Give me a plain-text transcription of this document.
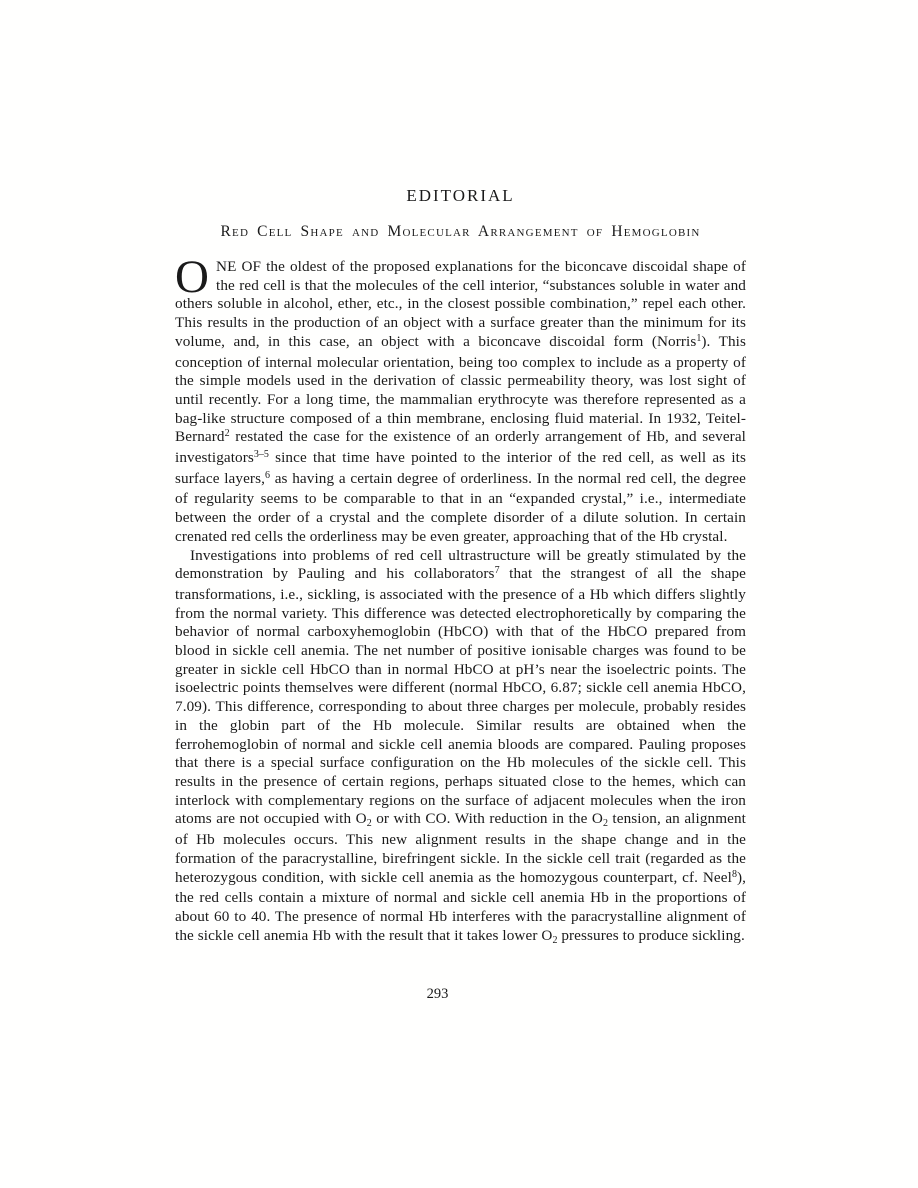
EDITORIAL
Red Cell Shape and Molecular Arrangement of Hemoglobin

ONE OF the oldest of the proposed explanations for the biconcave discoidal shape of the red cell is that the molecules of the cell interior, “substances soluble in water and others soluble in alcohol, ether, etc., in the closest possible combination,” repel each other. This results in the production of an object with a surface greater than the minimum for its volume, and, in this case, an object with a biconcave discoidal form (Norris$^1$). This conception of internal molecular orientation, being too complex to include as a property of the simple models used in the derivation of classic permeability theory, was lost sight of until recently. For a long time, the mammalian erythrocyte was therefore represented as a bag-like structure composed of a thin membrane, enclosing fluid material. In 1932, Teitel-Bernard$^2$ restated the case for the existence of an orderly arrangement of Hb, and several investigators$^{3-5}$ since that time have pointed to the interior of the red cell, as well as its surface layers,$^6$ as having a certain degree of orderliness. In the normal red cell, the degree of regularity seems to be comparable to that in an “expanded crystal,” i.e., intermediate between the order of a crystal and the complete disorder of a dilute solution. In certain crenated red cells the orderliness may be even greater, approaching that of the Hb crystal.

Investigations into problems of red cell ultrastructure will be greatly stimulated by the demonstration by Pauling and his collaborators$^7$ that the strangest of all the shape transformations, i.e., sickling, is associated with the presence of a Hb which differs slightly from the normal variety. This difference was detected electrophoretically by comparing the behavior of normal carboxyhemoglobin (HbCO) with that of the HbCO prepared from blood in sickle cell anemia. The net number of positive ionisable charges was found to be greater in sickle cell HbCO than in normal HbCO at pH’s near the isoelectric points. The isoelectric points themselves were different (normal HbCO, 6.87; sickle cell anemia HbCO, 7.09). This difference, corresponding to about three charges per molecule, probably resides in the globin part of the Hb molecule. Similar results are obtained when the ferrohemoglobin of normal and sickle cell anemia bloods are compared. Pauling proposes that there is a special surface configuration on the Hb molecules of the sickle cell. This results in the presence of certain regions, perhaps situated close to the hemes, which can interlock with complementary regions on the surface of adjacent molecules when the iron atoms are not occupied with O2 or with CO. With reduction in the O2 tension, an alignment of Hb molecules occurs. This new alignment results in the shape change and in the formation of the paracrystalline, birefringent sickle. In the sickle cell trait (regarded as the heterozygous condition, with sickle cell anemia as the homozygous counterpart, cf. Neel$^8$), the red cells contain a mixture of normal and sickle cell anemia Hb in the proportions of about 60 to 40. The presence of normal Hb interferes with the paracrystalline alignment of the sickle cell anemia Hb with the result that it takes lower O2 pressures to produce sickling.

293
